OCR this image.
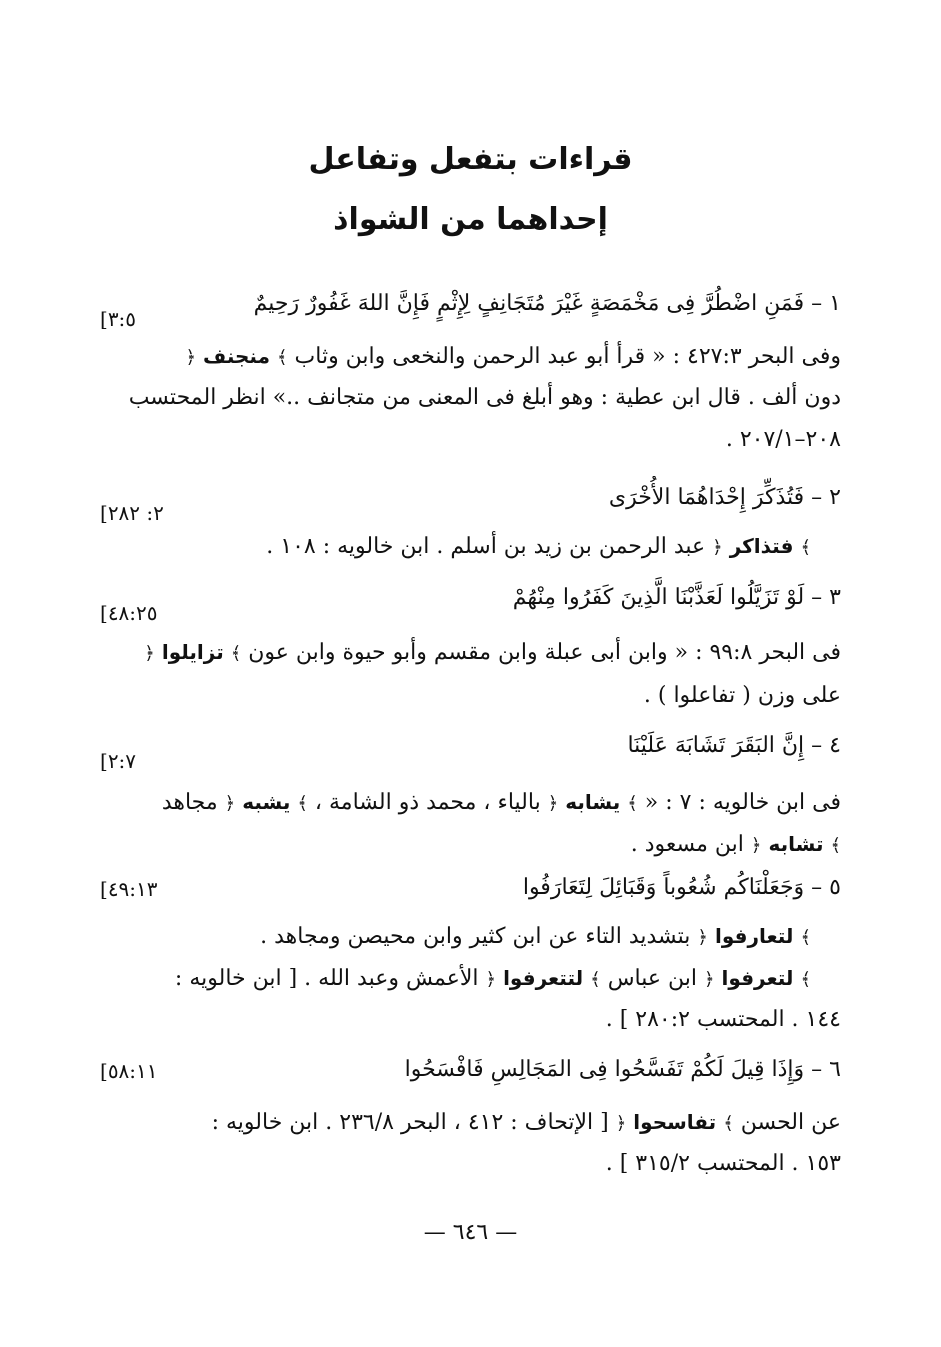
قراءات بتفعل وتفاعل
إحداهما من الشواذ
١ – فَمَنِ اضْطُرَّ فِى مَخْمَصَةٍ غَيْرَ مُتَجَانِفٍ لِإِثْمٍ فَإِنَّ اللهَ غَفُورٌ رَحِيمٌ
[٣:٥
وفى البحر ٤٢٧:٣ : « قرأ أبو عبد الرحمن والنخعى وابن وثاب ﴾ منجنف ﴿
دون ألف . قال ابن عطية : وهو أبلغ فى المعنى من متجانف ..» انظر المحتسب
٢٠٨–٢٠٧/١ .
٢ – فَتُذَكِّرَ إِحْدَاهُمَا الأُخْرَى
[٢: ٢٨٢
﴾ فتذاكر ﴿ عبد الرحمن بن زيد بن أسلم . ابن خالويه : ١٠٨ .
٣ – لَوْ تَزَيَّلُوا لَعَذَّبْنَا الَّذِينَ كَفَرُوا مِنْهُمْ
[٤٨:٢٥
فى البحر ٩٩:٨ : « وابن أبى عبلة وابن مقسم وأبو حيوة وابن عون ﴾ تزايلوا ﴿
على وزن ( تفاعلوا ) .
٤ – إِنَّ البَقَرَ تَشَابَهَ عَلَيْنَا
[٢:٧
فى ابن خالويه : ٧ : « ﴾ يشابه ﴿ بالياء ، محمد ذو الشامة ، ﴾ يشبه ﴿ مجاهد
﴾ تشابه ﴿ ابن مسعود .
٥ – وَجَعَلْنَاكُم شُعُوباً وَقَبَائِلَ لِتَعَارَفُوا
[٤٩:١٣
﴾ لتعارفوا ﴿ بتشديد التاء عن ابن كثير وابن محيصن ومجاهد .
﴾ لتعرفوا ﴿ ابن عباس ﴾ لتتعرفوا ﴿ الأعمش وعبد الله . [ ابن خالويه :
١٤٤ . المحتسب ٢٨٠:٢ ] .
٦ – وَإِذَا قِيلَ لَكُمْ تَفَسَّحُوا فِى المَجَالِسِ فَافْسَحُوا
[٥٨:١١
عن الحسن ﴾ تفاسحوا ﴿ [ الإتحاف : ٤١٢ ، البحر ٢٣٦/٨ . ابن خالويه :
١٥٣ . المحتسب ٣١٥/٢ ] .
— ٦٤٦ —
